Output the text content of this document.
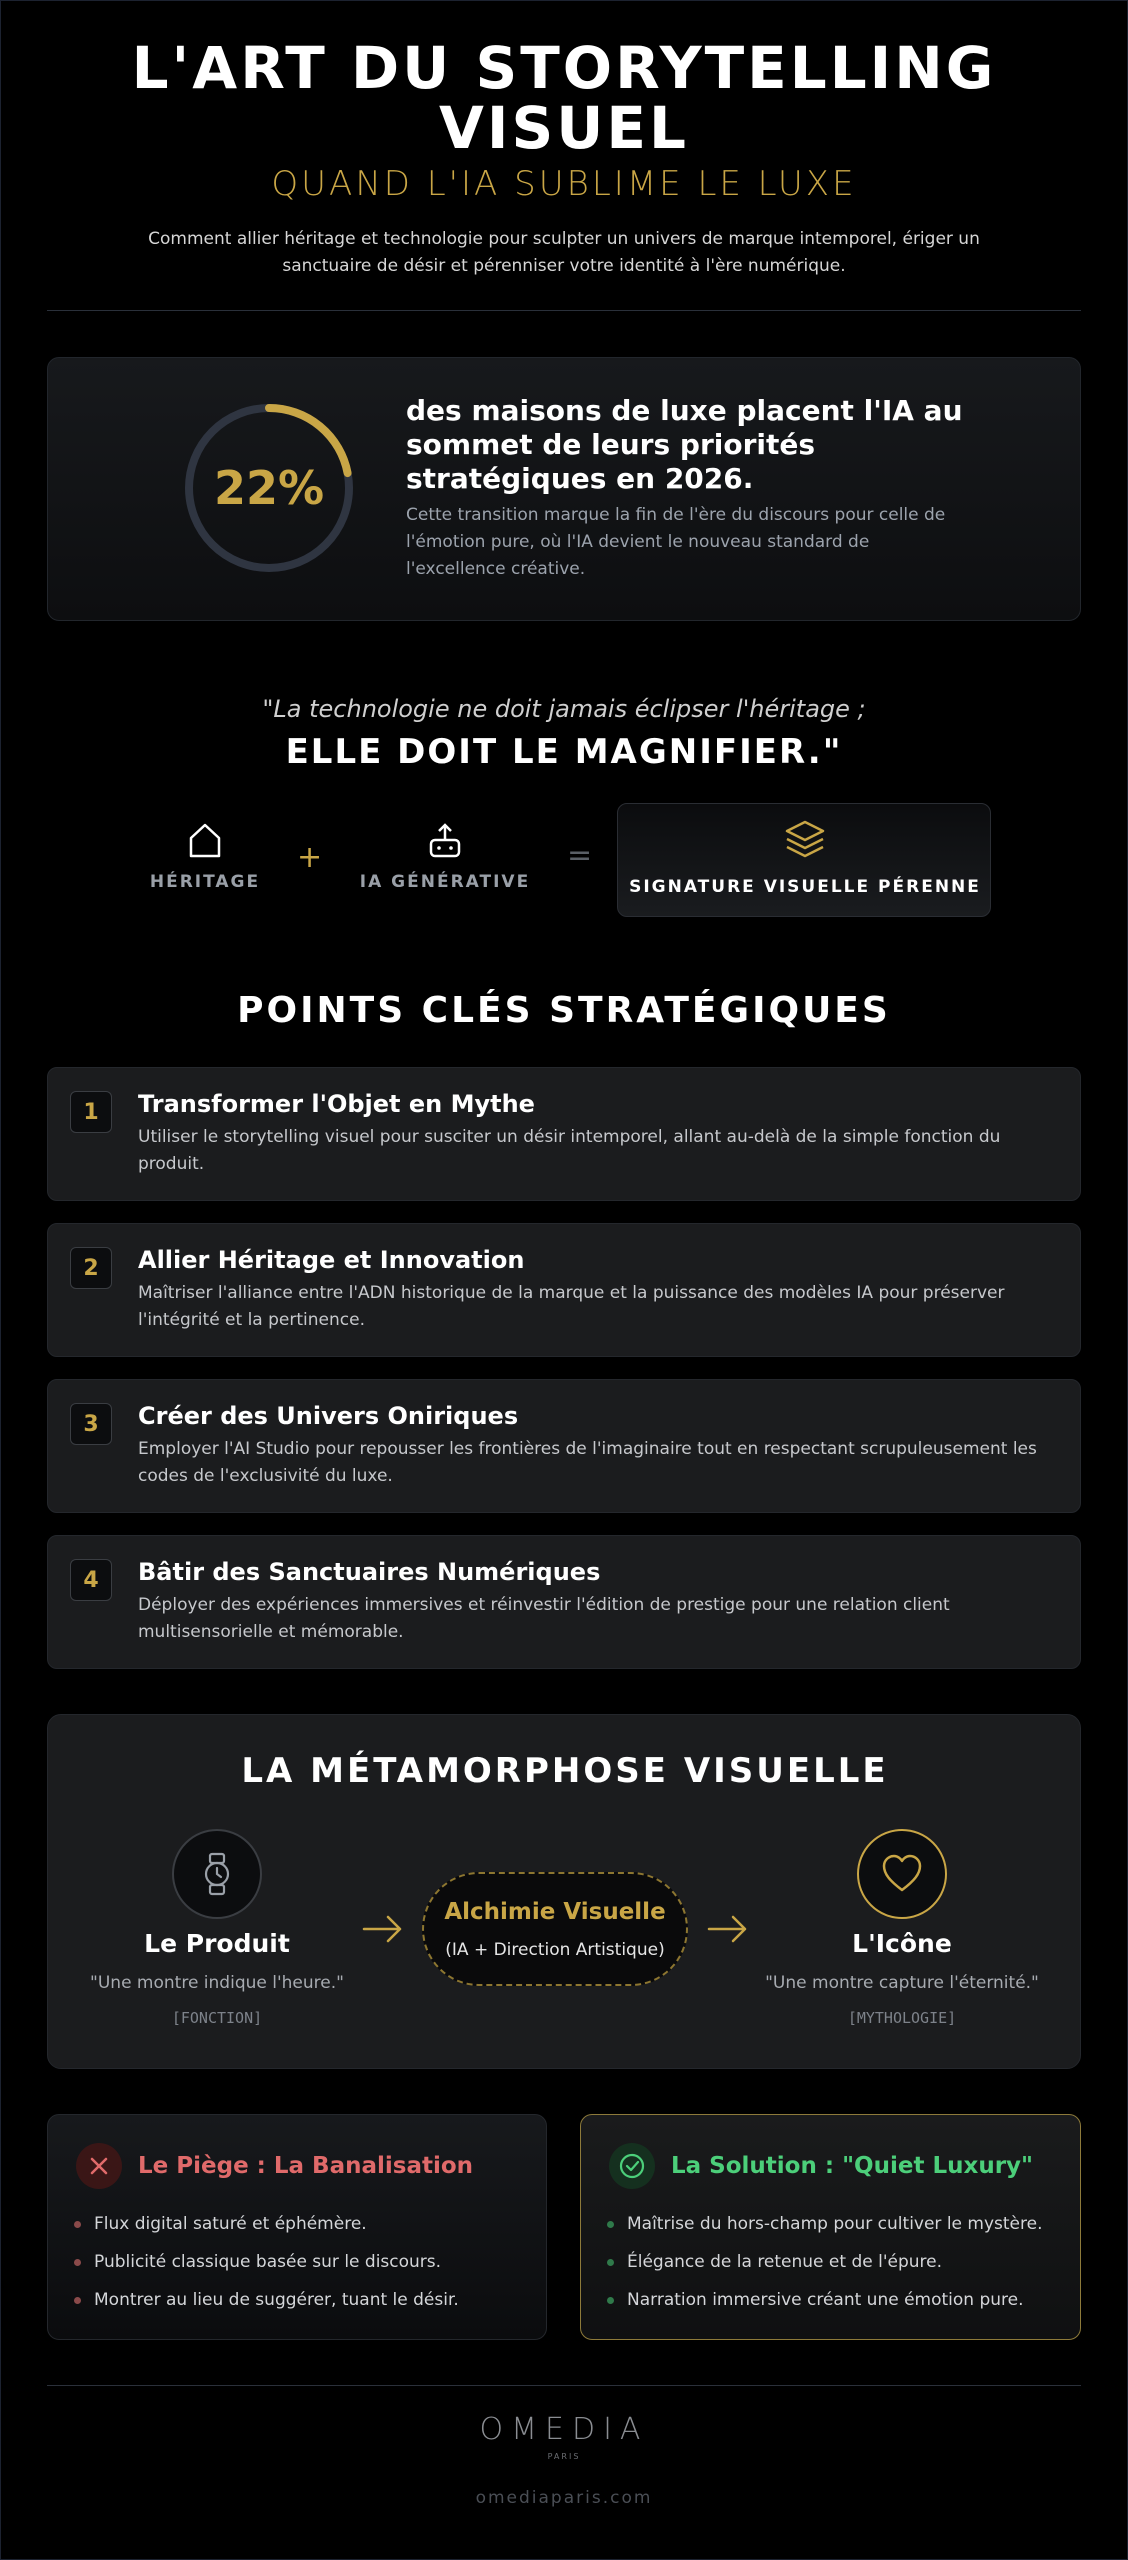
L'ART DU STORYTELLING VISUEL
QUAND L'IA SUBLIME LE LUXE

Comment allier héritage et technologie pour sculpter un univers de marque intemporel, ériger un sanctuaire de désir et pérenniser votre identité à l'ère numérique.

22%
des maisons de luxe placent l'IA au sommet de leurs priorités stratégiques en 2026.
Cette transition marque la fin de l'ère du discours pour celle de l'émotion pure, où l'IA devient le nouveau standard de l'excellence créative.
"La technologie ne doit jamais éclipser l'héritage ;
ELLE DOIT LE MAGNIFIER."
HÉRITAGE
+
IA GÉNÉRATIVE
=
SIGNATURE VISUELLE PÉRENNE
POINTS CLÉS STRATÉGIQUES
1	Transformer l'Objet en Mythe
Utiliser le storytelling visuel pour susciter un désir intemporel, allant au-delà de la simple fonction du produit.
2	Allier Héritage et Innovation
Maîtriser l'alliance entre l'ADN historique de la marque et la puissance des modèles IA pour préserver l'intégrité et la pertinence.
3	Créer des Univers Oniriques
Employer l'AI Studio pour repousser les frontières de l'imaginaire tout en respectant scrupuleusement les codes de l'exclusivité du luxe.
4	Bâtir des Sanctuaires Numériques
Déployer des expériences immersives et réinvestir l'édition de prestige pour une relation client multisensorielle et mémorable.
LA MÉTAMORPHOSE VISUELLE
Le Produit
"Une montre indique l'heure."
[FONCTION]
Alchimie Visuelle
(IA + Direction Artistique)	L'Icône
"Une montre capture l'éternité."
[MYTHOLOGIE]
Le Piège : La Banalisation
Flux digital saturé et éphémère.
Publicité classique basée sur le discours.
Montrer au lieu de suggérer, tuant le désir.
La Solution : "Quiet Luxury"
Maîtrise du hors-champ pour cultiver le mystère.
Élégance de la retenue et de l'épure.
Narration immersive créant une émotion pure.
OMEDIA
PARIS
omediaparis.com
